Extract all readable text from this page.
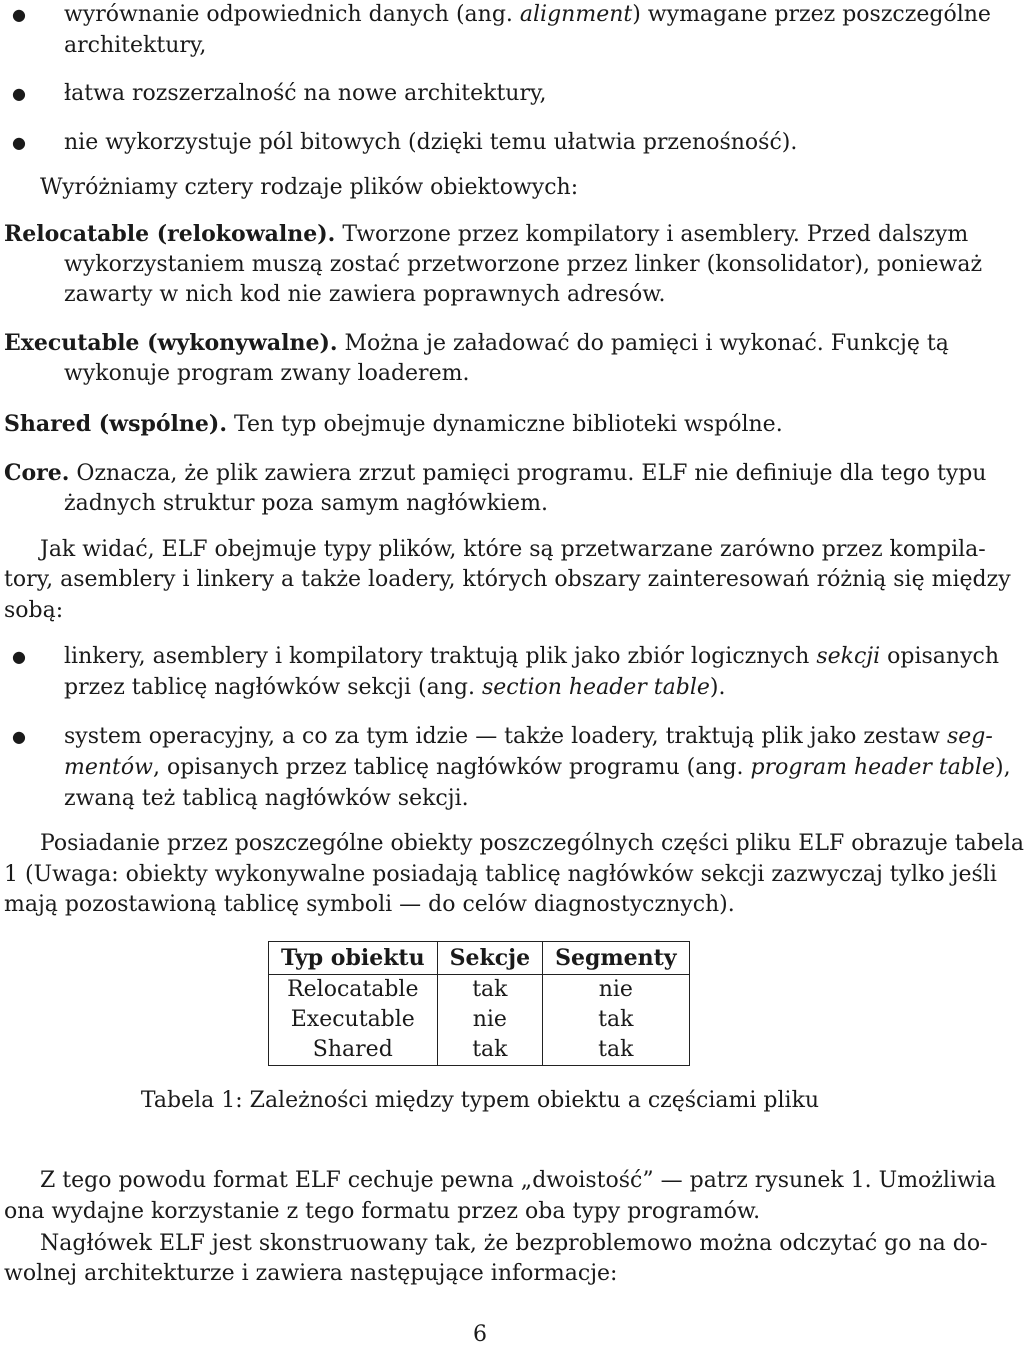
● wyrównanie odpowiednich danych (ang. alignment) wymagane przez poszczególne
architektury,
● łatwa rozszerzalność na nowe architektury,
● nie wykorzystuje pól bitowych (dzięki temu ułatwia przenośność).
Wyróżniamy cztery rodzaje plików obiektowych:
Relocatable (relokowalne). Tworzone przez kompilatory i asemblery. Przed dalszym
wykorzystaniem muszą zostać przetworzone przez linker (konsolidator), ponieważ
zawarty w nich kod nie zawiera poprawnych adresów.
Executable (wykonywalne). Można je załadować do pamięci i wykonać. Funkcję tą
wykonuje program zwany loaderem.
Shared (wspólne). Ten typ obejmuje dynamiczne biblioteki wspólne.
Core. Oznacza, że plik zawiera zrzut pamięci programu. ELF nie definiuje dla tego typu
żadnych struktur poza samym nagłówkiem.
Jak widać, ELF obejmuje typy plików, które są przetwarzane zarówno przez kompila-
tory, asemblery i linkery a także loadery, których obszary zainteresowań różnią się między
sobą:
● linkery, asemblery i kompilatory traktują plik jako zbiór logicznych sekcji opisanych
przez tablicę nagłówków sekcji (ang. section header table).
● system operacyjny, a co za tym idzie — także loadery, traktują plik jako zestaw seg-
mentów, opisanych przez tablicę nagłówków programu (ang. program header table),
zwaną też tablicą nagłówków sekcji.
Posiadanie przez poszczególne obiekty poszczególnych części pliku ELF obrazuje tabela
1 (Uwaga: obiekty wykonywalne posiadają tablicę nagłówków sekcji zazwyczaj tylko jeśli
mają pozostawioną tablicę symboli — do celów diagnostycznych).
Typ obiektu	Sekcje	Segmenty
Relocatable	tak	nie
Executable	nie	tak
Shared	tak	tak
Tabela 1: Zależności między typem obiektu a częściami pliku
Z tego powodu format ELF cechuje pewna „dwoistość” — patrz rysunek 1. Umożliwia
ona wydajne korzystanie z tego formatu przez oba typy programów.
Nagłówek ELF jest skonstruowany tak, że bezproblemowo można odczytać go na do-
wolnej architekturze i zawiera następujące informacje:
6
